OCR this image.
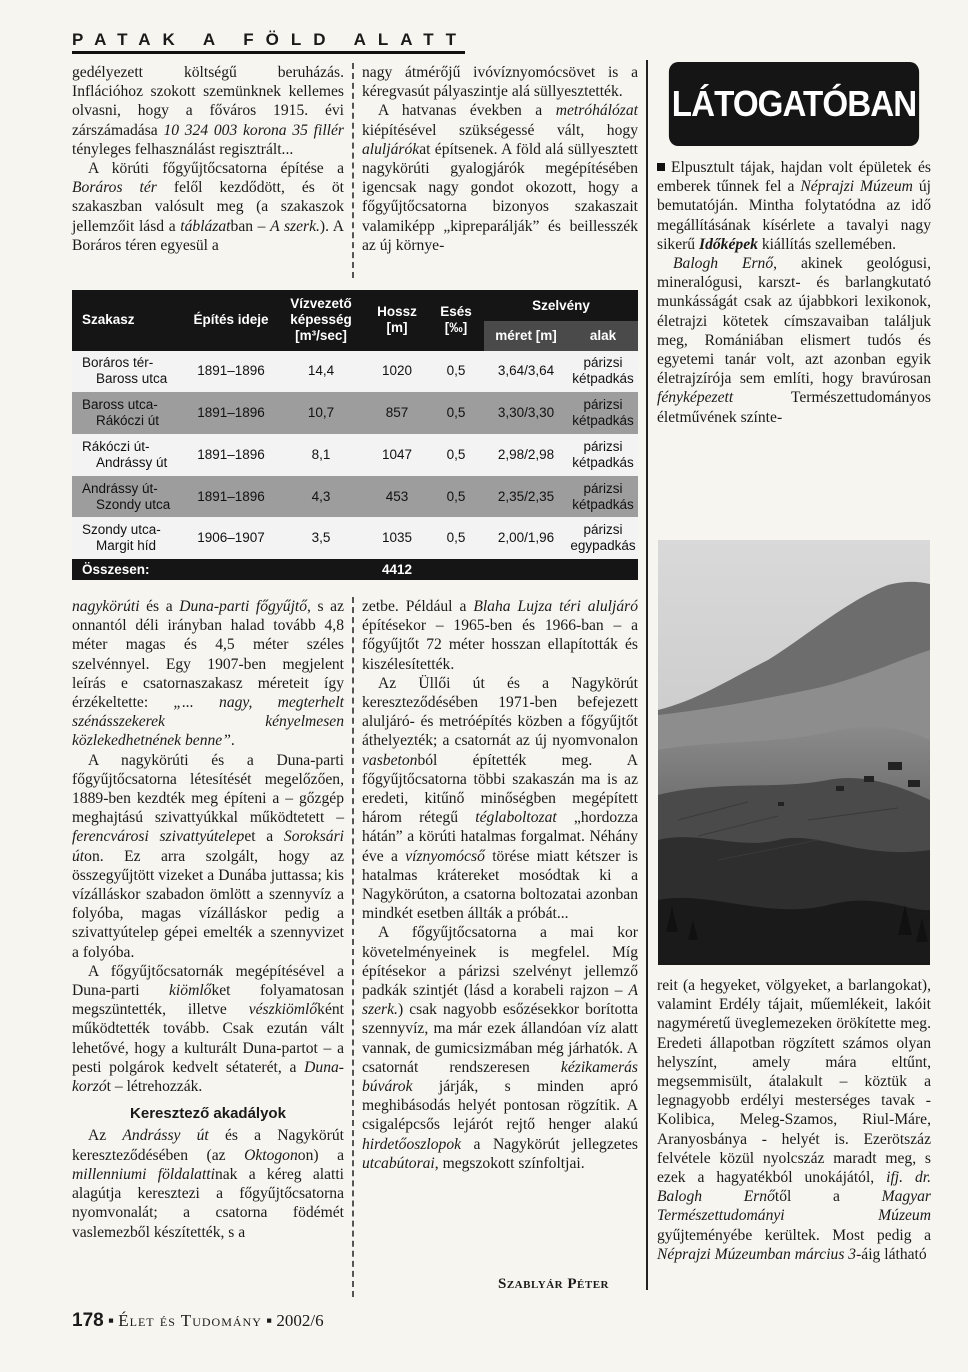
PATAK A FÖLD ALATT

gedélyezett költségű beruházás. Inflációhoz szokott szemünknek kellemes olvasni, hogy a főváros 1915. évi zárszámadása 10 324 003 korona 35 fillér tényleges felhasználást regisztrált...

A körúti főgyűjtőcsatorna építése a Boráros tér felől kezdődött, és öt szakaszban valósult meg (a szakaszok jellemzőit lásd a táblázatban – A szerk.). A Boráros téren egyesül a

nagy átmérőjű ivóvíznyomócsövet is a kéregvasút pályaszintje alá süllyesztették.

A hatvanas években a metróhálózat kiépítésével szükségessé vált, hogy aluljárókat építsenek. A föld alá süllyesztett nagykörúti gyalogjárók megépítésében igencsak nagy gondot okozott, hogy a főgyűjtőcsatorna bizonyos szakaszait valamiképp „kipreparálják” és beillesszék az új környe-

Szakasz	Építés ideje	Vízvezető képesség [m³/sec]	Hossz [m]	Esés [‰]	Szelvény	
					méret [m]	alak

Boráros tér-
Baross utca	1891–1896	14,4	1020	0,5	3,64/3,64	párizsi
kétpadkás

Baross utca-
Rákóczi út	1891–1896	10,7	857	0,5	3,30/3,30	párizsi
kétpadkás

Rákóczi út-
Andrássy út	1891–1896	8,1	1047	0,5	2,98/2,98	párizsi
kétpadkás

Andrássy út-
Szondy utca	1891–1896	4,3	453	0,5	2,35/2,35	párizsi
kétpadkás

Szondy utca-
Margit híd	1906–1907	3,5	1035	0,5	2,00/1,96	párizsi
egypadkás

Összesen:			4412			

nagykörúti és a Duna-parti főgyűjtő, s az onnantól déli irányban halad tovább 4,8 méter magas és 4,5 méter széles szelvénnyel. Egy 1907-ben megjelent leírás e csatornaszakasz méreteit így érzékeltette: „... nagy, megterhelt szénásszekerek kényelmesen közlekedhetnének benne”.

A nagykörúti és a Duna-parti főgyűjtőcsatorna létesítését megelőzően, 1889-ben kezdték meg építeni a – gőzgép meghajtású szivattyúkkal működtetett – ferencvárosi szivattyútelepet a Soroksári úton. Ez arra szolgált, hogy az összegyűjtött vizeket a Dunába juttassa; kis vízálláskor szabadon ömlött a szennyvíz a folyóba, magas vízálláskor pedig a szivattyútelep gépei emelték a szennyvizet a folyóba.

A főgyűjtőcsatornák megépítésével a Duna-parti kiömlőket folyamatosan megszüntették, illetve vészkiömlőként működtették tovább. Csak ezután vált lehetővé, hogy a kulturált Duna-partot – a pesti polgárok kedvelt sétaterét, a Duna-korzót – létrehozzák.

Keresztező akadályok

Az Andrássy út és a Nagykörút kereszteződésében (az Oktogonon) a millenniumi földalattinak a kéreg alatti alagútja keresztezi a főgyűjtőcsatorna nyomvonalát; a csatorna födémét vaslemezből készítették, s a

zetbe. Például a Blaha Lujza téri aluljáró építésekor – 1965-ben és 1966-ban – a főgyűjtőt 72 méter hosszan ellapították és kiszélesítették.

Az Üllői út és a Nagykörút kereszteződésében 1971-ben befejezett aluljáró- és metróépítés közben a főgyűjtőt áthelyezték; a csatornát az új nyomvonalon vasbetonból építették meg. A főgyűjtőcsatorna többi szakaszán ma is az eredeti, kitűnő minőségben megépített három rétegű téglaboltozat „hordozza hátán” a körúti hatalmas forgalmat. Néhány éve a víznyomócső törése miatt kétszer is hatalmas krátereket mosódtak ki a Nagykörúton, a csatorna boltozatai azonban mindkét esetben állták a próbát...

A főgyűjtőcsatorna a mai kor követelményeinek is megfelel. Míg építésekor a párizsi szelvényt jellemző padkák szintjét (lásd a korabeli rajzon – A szerk.) csak nagyobb esőzésekkor borította szennyvíz, ma már ezek állandóan víz alatt vannak, de gumicsizmában még járhatók. A csatornát rendszeresen kézikamerás búvárok járják, s minden apró meghibásodás helyét pontosan rögzítik. A csigalépcsős lejárót rejtő henger alakú hirdetőoszlopok a Nagykörút jellegzetes utcabútorai, megszokott színfoltjai.

Szablyár Péter
LÁTOGATÓBAN

Elpusztult tájak, hajdan volt épületek és emberek tűnnek fel a Néprajzi Múzeum új bemutatóján. Mintha folytatódna az idő megállításának kísérlete a tavalyi nagy sikerű Időképek kiállítás szellemében.

Balogh Ernő, akinek geológusi, mineralógusi, karszt- és barlangkutató munkásságát csak az újabbkori lexikonok, életrajzi kötetek címszavaiban találjuk meg, Romániában elismert tudós és egyetemi tanár volt, azt azonban egyik életrajzírója sem említi, hogy bravúrosan fényképezett Természettudományos életművének színte-

reit (a hegyeket, völgyeket, a barlangokat), valamint Erdély tájait, műemlékeit, lakóit nagyméretű üveglemezeken örökítette meg. Eredeti állapotban rögzített számos olyan helyszínt, amely mára eltűnt, megsemmisült, átalakult – köztük a legnagyobb erdélyi mesterséges tavak - Kolibica, Meleg-Szamos, Riul-Máre, Aranyosbánya - helyét is. Ezerötszáz felvétele közül nyolcszáz maradt meg, s ezek a hagyatékból unokájától, ifj. dr. Balogh Ernőtől a Magyar Természettudományi Múzeum gyűjteményébe kerültek. Most pedig a Néprajzi Múzeumban március 3-áig látható

178 ▪ Élet és Tudomány ▪ 2002/6
